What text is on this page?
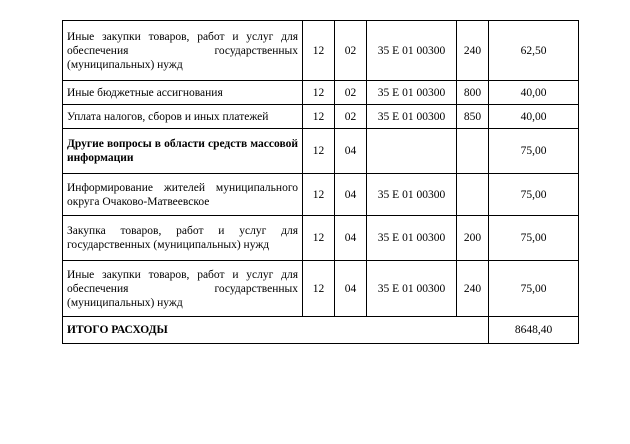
Иные закупки товаров, работ и услуг для обеспечения государственных (муниципальных) нужд	12	02	35 Е 01 00300	240	62,50
Иные бюджетные ассигнования	12	02	35 Е 01 00300	800	40,00
Уплата налогов, сборов и иных платежей	12	02	35 Е 01 00300	850	40,00
Другие вопросы в области средств массовой информации	12	04			75,00
Информирование жителей муниципального округа Очаково-Матвеевское	12	04	35 Е 01 00300		75,00
Закупка товаров, работ и услуг для государственных (муниципальных) нужд	12	04	35 Е 01 00300	200	75,00
Иные закупки товаров, работ и услуг для обеспечения государственных (муниципальных) нужд	12	04	35 Е 01 00300	240	75,00
ИТОГО РАСХОДЫ					8648,40
